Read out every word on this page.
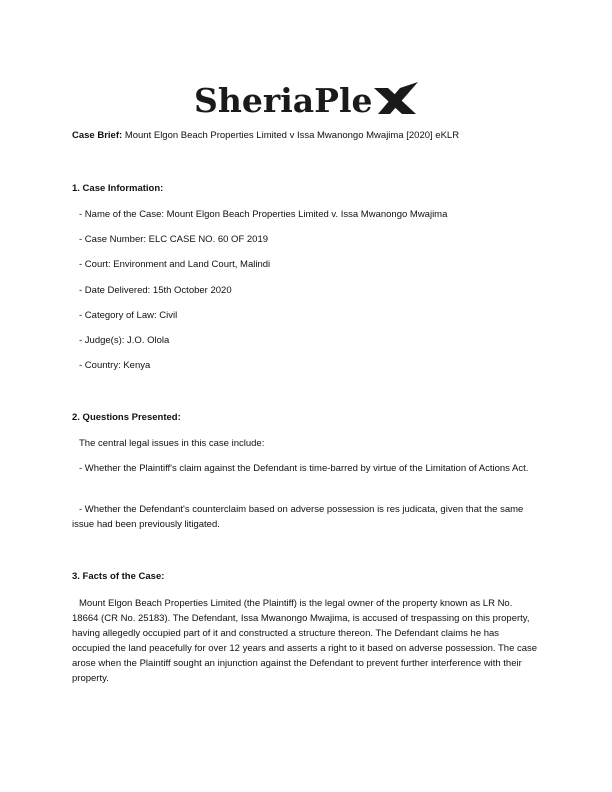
SheriaPle
Case Brief: Mount Elgon Beach Properties Limited v Issa Mwanongo Mwajima [2020] eKLR
1. Case Information:
- Name of the Case: Mount Elgon Beach Properties Limited v. Issa Mwanongo Mwajima
- Case Number: ELC CASE NO. 60 OF 2019
- Court: Environment and Land Court, Malindi
- Date Delivered: 15th October 2020
- Category of Law: Civil
- Judge(s): J.O. Olola
- Country: Kenya
2. Questions Presented:
The central legal issues in this case include:
- Whether the Plaintiff's claim against the Defendant is time-barred by virtue of the Limitation of Actions Act.
- Whether the Defendant's counterclaim based on adverse possession is res judicata, given that the same issue had been previously litigated.
3. Facts of the Case:
Mount Elgon Beach Properties Limited (the Plaintiff) is the legal owner of the property known as LR No. 18664 (CR No. 25183). The Defendant, Issa Mwanongo Mwajima, is accused of trespassing on this property, having allegedly occupied part of it and constructed a structure thereon. The Defendant claims he has occupied the land peacefully for over 12 years and asserts a right to it based on adverse possession. The case arose when the Plaintiff sought an injunction against the Defendant to prevent further interference with their property.
